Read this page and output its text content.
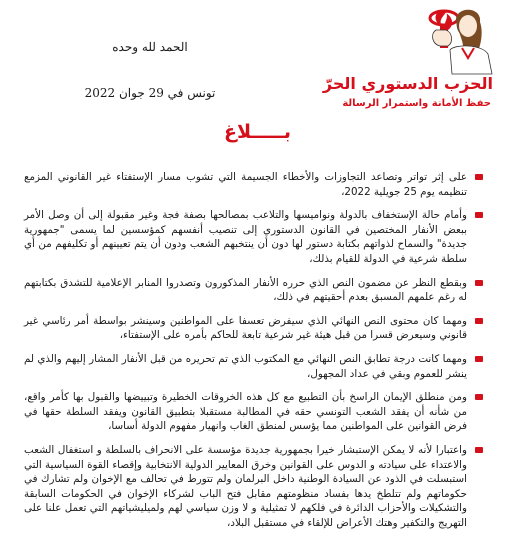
الحمد لله وحده
تونس في 29 جوان 2022	الحزب الدستوري الحرّ
حفظ الأمانة واستمرار الرسالة
بـــــلاغ

على إثر تواتر وتصاعد التجاوزات والأخطاء الجسيمة التي تشوب مسار الإستفتاء غير القانوني المزمع تنظيمه يوم 25 جويلية 2022،

وأمام حالة الإستخفاف بالدولة ونواميسها والتلاعب بمصالحها بصفة فجة وغير مقبولة إلى أن وصل الأمر ببعض الأنفار المختصين في القانون الدستوري إلى تنصيب أنفسهم كمؤسسين لما يسمى "جمهورية جديدة" والسماح لذواتهم بكتابة دستور لها دون أن ينتخبهم الشعب ودون أن يتم تعيينهم أو تكليفهم من أي سلطة شرعية في الدولة للقيام بذلك،

وبقطع النظر عن مضمون النص الذي حرره الأنفار المذكورون وتصدروا المنابر الإعلامية للتشدق بكتابتهم له رغم علمهم المسبق بعدم أحقيتهم في ذلك،

ومهما كان محتوى النص النهائي الذي سيفرض تعسفا على المواطنين وسينشر بواسطة أمر رئاسي غير قانوني وسيعرض قسرا من قبل هيئة غير شرعية تابعة للحاكم بأمره على الإستفتاء،

ومهما كانت درجة تطابق النص النهائي مع المكتوب الذي تم تحريره من قبل الأنفار المشار إليهم والذي لم ينشر للعموم وبقي في عداد المجهول،

ومن منطلق الإيمان الراسخ بأن التطبيع مع كل هذه الخروقات الخطيرة وتبييضها والقبول بها كأمر واقع، من شأنه أن يفقد الشعب التونسي حقه في المطالبة مستقبلا بتطبيق القانون ويفقد السلطة حقها في فرض القوانين على المواطنين مما يؤسس لمنطق الغاب وانهيار مفهوم الدولة أساسا،

واعتبارا لأنه لا يمكن الإستبشار خيرا بجمهورية جديدة مؤسسة على الانحراف بالسلطة و استغفال الشعب والاعتداء على سيادته و الدوس على القوانين وخرق المعايير الدولية الانتخابية وإقصاء القوة السياسية التي استبسلت في الذود عن السيادة الوطنية داخل البرلمان ولم تتورط في تحالف مع الإخوان ولم تشارك في حكوماتهم ولم تتلطخ يدها بفساد منظومتهم مقابل فتح الباب لشركاء الإخوان في الحكومات السابقة والتشكيلات والأحزاب الدائرة في فلكهم لا تمثيلية و لا وزن سياسي لهم ولميليشياتهم التي تعمل علنا على التهريج والتكفير وهتك الأعراض للإلقاء في مستقبل البلاد،
